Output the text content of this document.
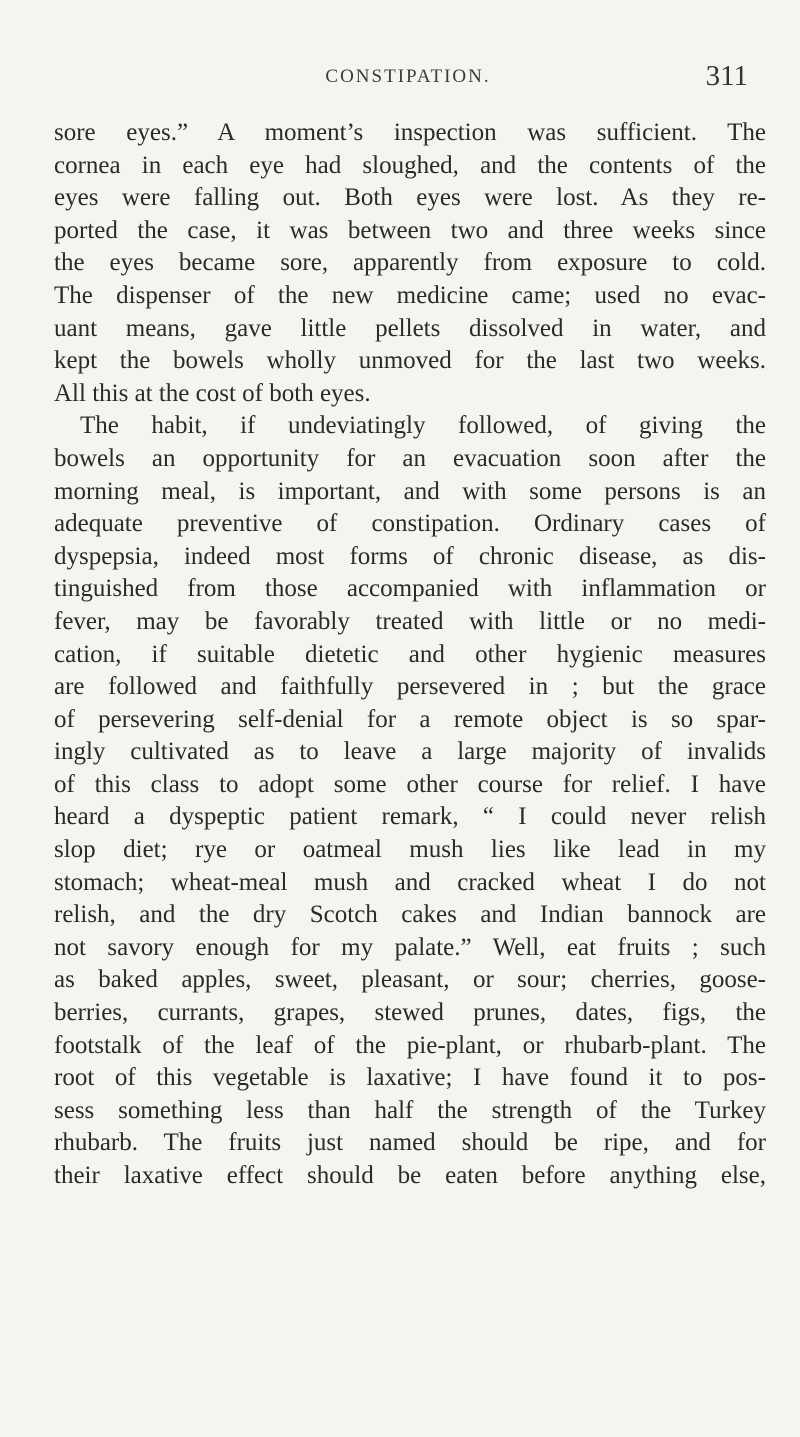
CONSTIPATION.	311
sore eyes.” A moment’s inspection was sufficient. The
cornea in each eye had sloughed, and the contents of the
eyes were falling out. Both eyes were lost. As they re-
ported the case, it was between two and three weeks since
the eyes became sore, apparently from exposure to cold.
The dispenser of the new medicine came; used no evac-
uant means, gave little pellets dissolved in water, and
kept the bowels wholly unmoved for the last two weeks.
All this at the cost of both eyes.
The habit, if undeviatingly followed, of giving the
bowels an opportunity for an evacuation soon after the
morning meal, is important, and with some persons is an
adequate preventive of constipation. Ordinary cases of
dyspepsia, indeed most forms of chronic disease, as dis-
tinguished from those accompanied with inflammation or
fever, may be favorably treated with little or no medi-
cation, if suitable dietetic and other hygienic measures
are followed and faithfully persevered in ; but the grace
of persevering self-denial for a remote object is so spar-
ingly cultivated as to leave a large majority of invalids
of this class to adopt some other course for relief. I have
heard a dyspeptic patient remark, “ I could never relish
slop diet; rye or oatmeal mush lies like lead in my
stomach; wheat-meal mush and cracked wheat I do not
relish, and the dry Scotch cakes and Indian bannock are
not savory enough for my palate.” Well, eat fruits ; such
as baked apples, sweet, pleasant, or sour; cherries, goose-
berries, currants, grapes, stewed prunes, dates, figs, the
footstalk of the leaf of the pie-plant, or rhubarb-plant. The
root of this vegetable is laxative; I have found it to pos-
sess something less than half the strength of the Turkey
rhubarb. The fruits just named should be ripe, and for
their laxative effect should be eaten before anything else,
